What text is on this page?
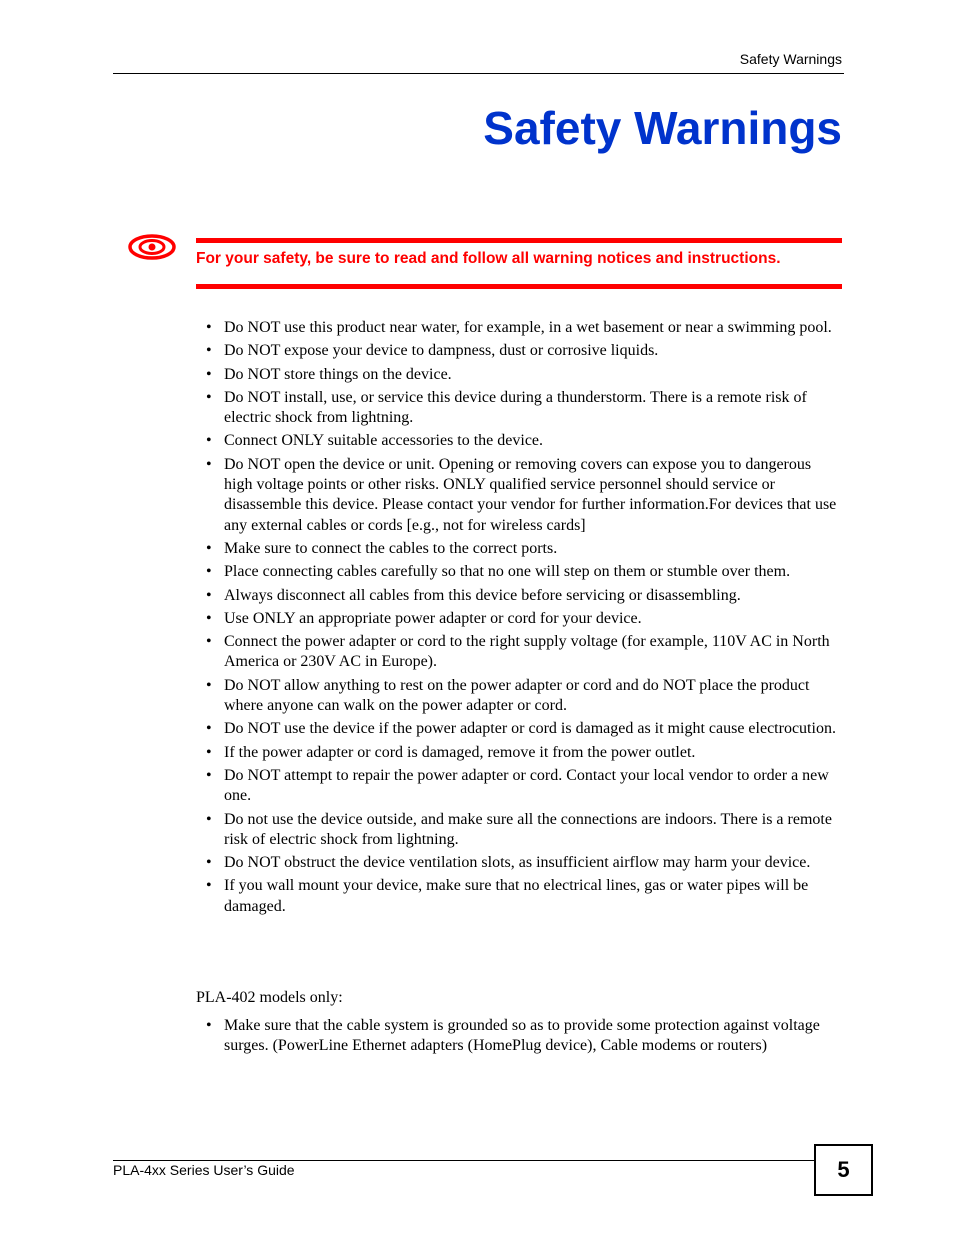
Safety Warnings
Safety Warnings

For your safety, be sure to read and follow all warning notices and instructions.

• Do NOT use this product near water, for example, in a wet basement or near a swimming pool.
• Do NOT expose your device to dampness, dust or corrosive liquids.
• Do NOT store things on the device.
• Do NOT install, use, or service this device during a thunderstorm. There is a remote risk of electric shock from lightning.
• Connect ONLY suitable accessories to the device.
• Do NOT open the device or unit. Opening or removing covers can expose you to dangerous high voltage points or other risks. ONLY qualified service personnel should service or disassemble this device. Please contact your vendor for further information.For devices that use any external cables or cords [e.g., not for wireless cards]
• Make sure to connect the cables to the correct ports.
• Place connecting cables carefully so that no one will step on them or stumble over them.
• Always disconnect all cables from this device before servicing or disassembling.
• Use ONLY an appropriate power adapter or cord for your device.
• Connect the power adapter or cord to the right supply voltage (for example, 110V AC in North America or 230V AC in Europe).
• Do NOT allow anything to rest on the power adapter or cord and do NOT place the product where anyone can walk on the power adapter or cord.
• Do NOT use the device if the power adapter or cord is damaged as it might cause electrocution.
• If the power adapter or cord is damaged, remove it from the power outlet.
• Do NOT attempt to repair the power adapter or cord. Contact your local vendor to order a new one.
• Do not use the device outside, and make sure all the connections are indoors. There is a remote risk of electric shock from lightning.
• Do NOT obstruct the device ventilation slots, as insufficient airflow may harm your device.
• If you wall mount your device, make sure that no electrical lines, gas or water pipes will be damaged.

PLA-402 models only:

• Make sure that the cable system is grounded so as to provide some protection against voltage surges. (PowerLine Ethernet adapters (HomePlug device), Cable modems or routers)
PLA-4xx Series User’s Guide	5
